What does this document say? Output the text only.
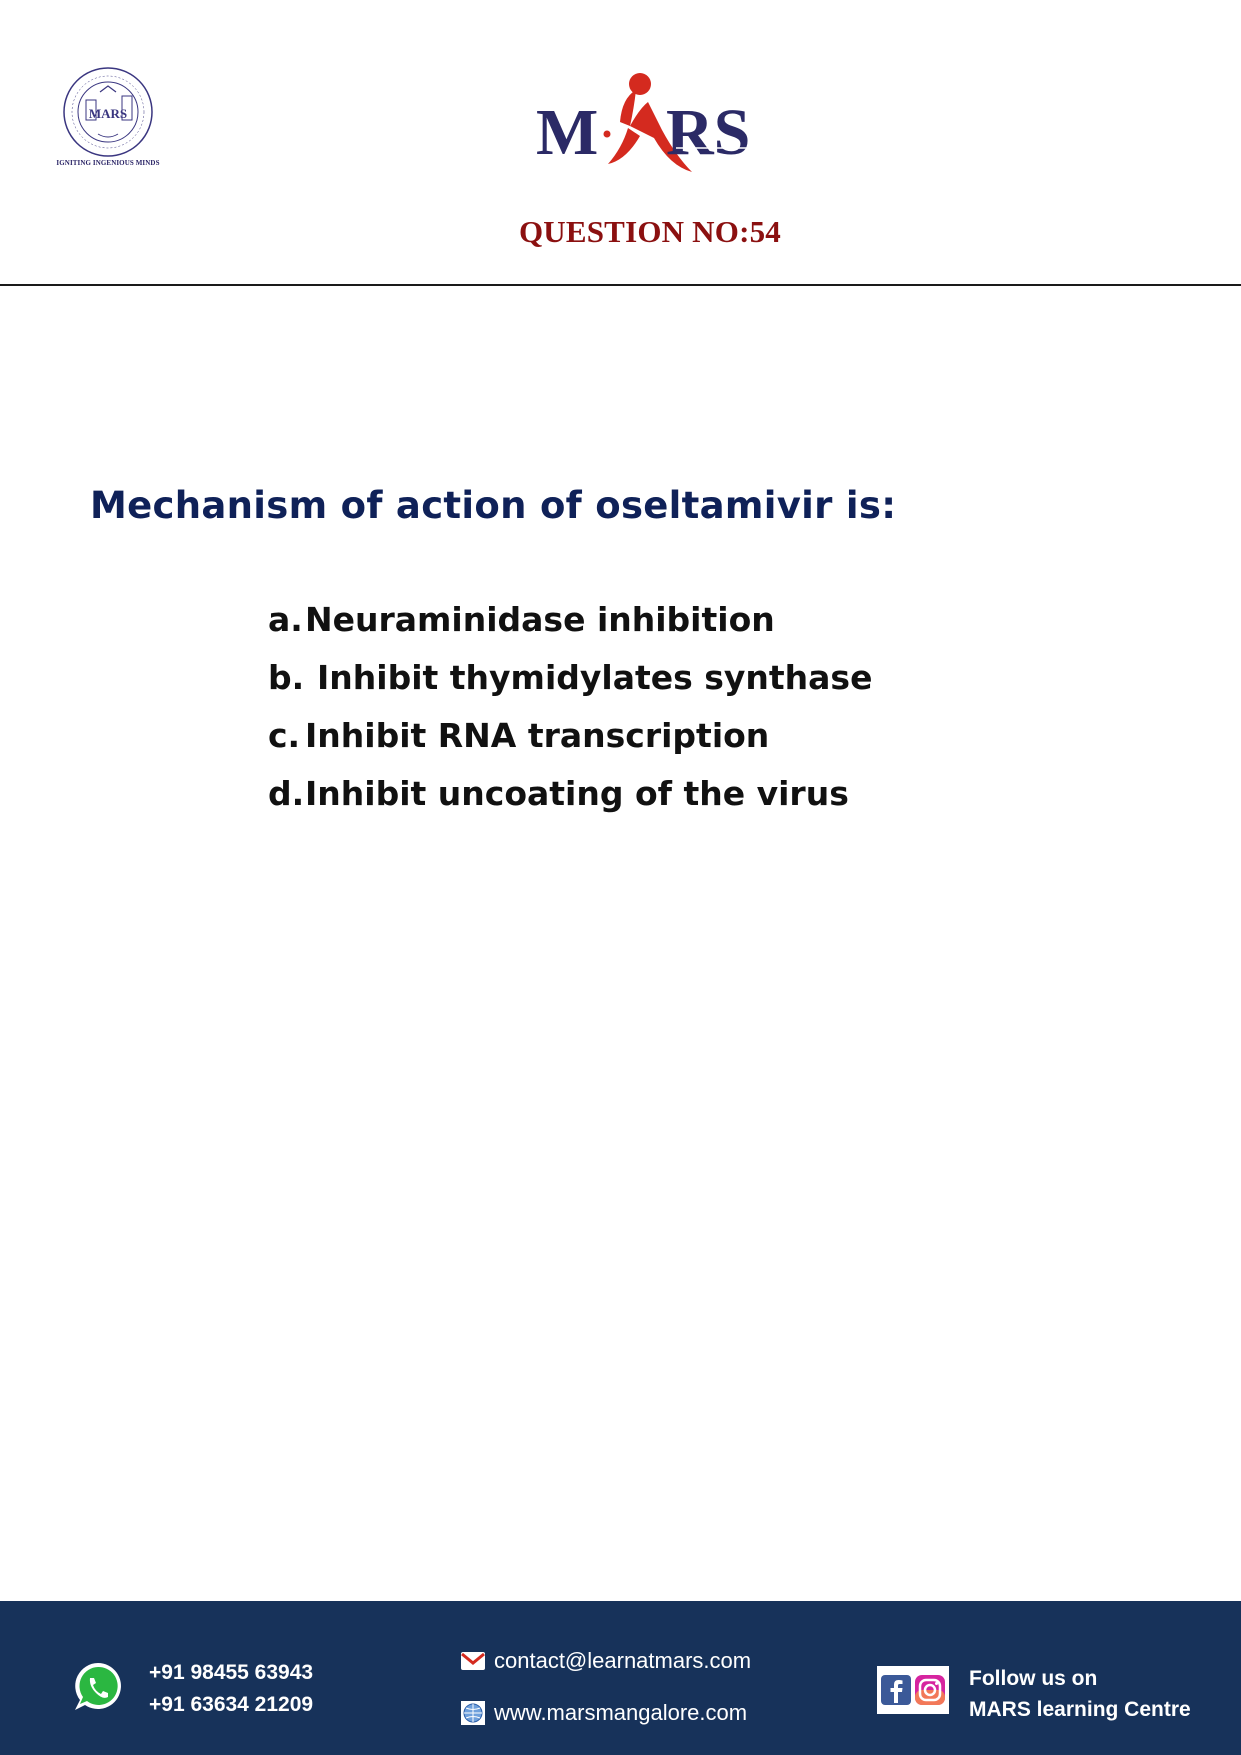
MARS
IGNITING INGENIOUS MINDS	M RS
QUESTION NO:54
Mechanism of action of oseltamivir is:
a. Neuraminidase inhibition
b. Inhibit thymidylates synthase
c. Inhibit RNA transcription
d. Inhibit uncoating of the virus
+91 98455 63943
+91 63634 21209
contact@learnatmars.com
www.marsmangalore.com
Follow us on
MARS learning Centre
